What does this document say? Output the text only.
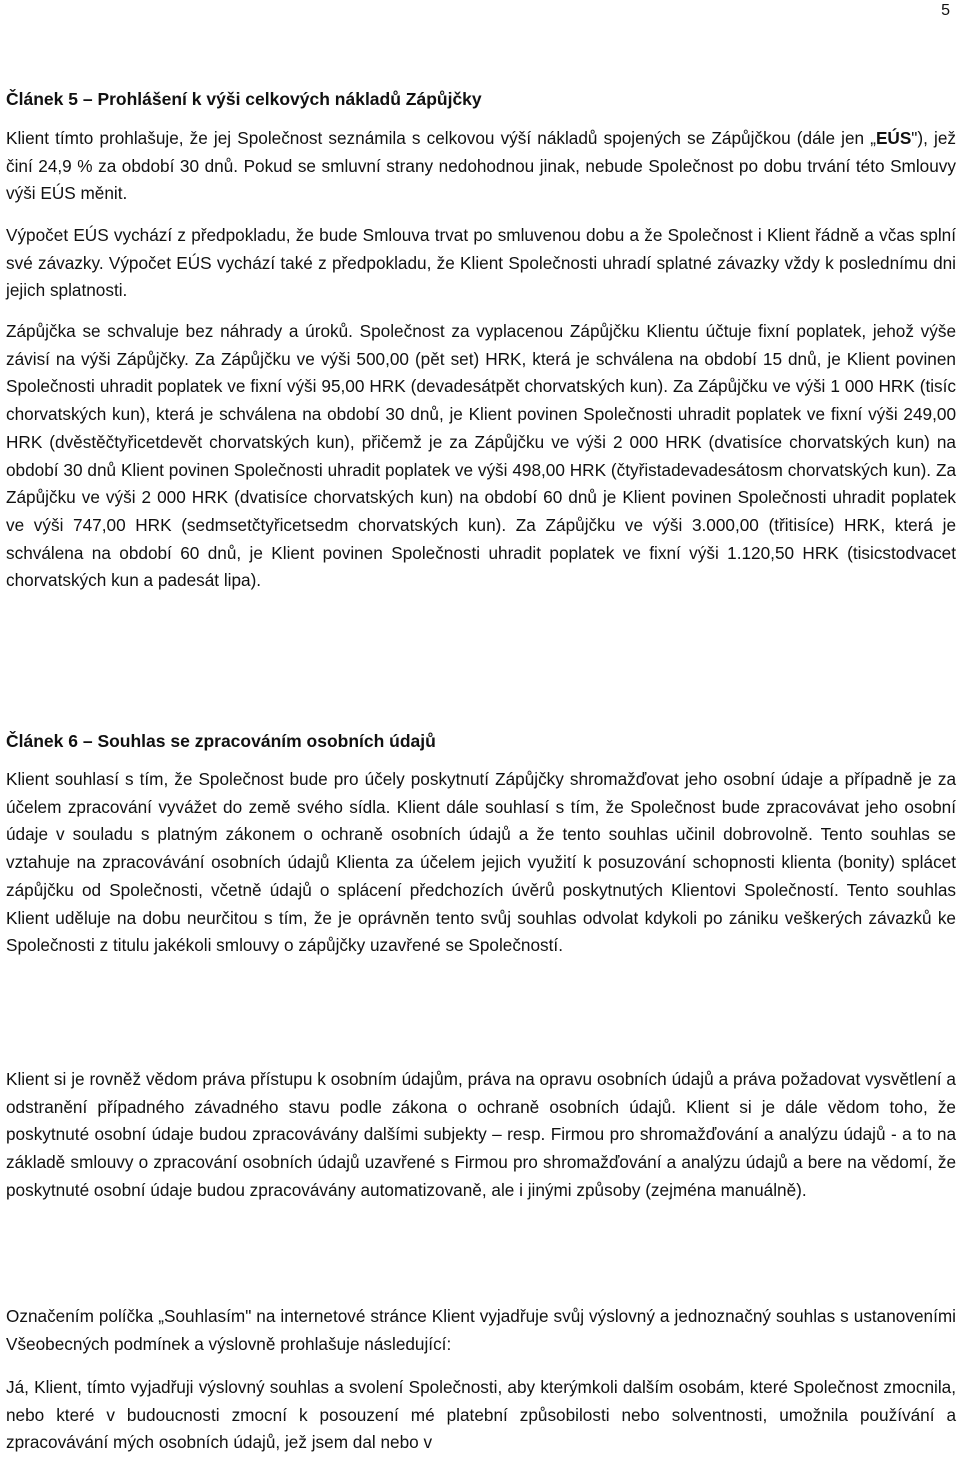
5
Článek 5 – Prohlášení k výši celkových nákladů Zápůjčky

Klient tímto prohlašuje, že jej Společnost seznámila s celkovou výší nákladů spojených se Zápůjčkou (dále jen „EÚS"), jež činí 24,9 % za období 30 dnů. Pokud se smluvní strany nedohodnou jinak, nebude Společnost po dobu trvání této Smlouvy výši EÚS měnit.

Výpočet EÚS vychází z předpokladu, že bude Smlouva trvat po smluvenou dobu a že Společnost i Klient řádně a včas splní své závazky. Výpočet EÚS vychází také z předpokladu, že Klient Společnosti uhradí splatné závazky vždy k poslednímu dni jejich splatnosti.

Zápůjčka se schvaluje bez náhrady a úroků. Společnost za vyplacenou Zápůjčku Klientu účtuje fixní poplatek, jehož výše závisí na výši Zápůjčky. Za Zápůjčku ve výši 500,00 (pět set) HRK, která je schválena na období 15 dnů, je Klient povinen Společnosti uhradit poplatek ve fixní výši 95,00 HRK (devadesátpět chorvatských kun). Za Zápůjčku ve výši 1 000 HRK (tisíc chorvatských kun), která je schválena na období 30 dnů, je Klient povinen Společnosti uhradit poplatek ve fixní výši 249,00 HRK (dvěstěčtyřicetdevět chorvatských kun), přičemž je za Zápůjčku ve výši 2 000 HRK (dvatisíce chorvatských kun) na období 30 dnů Klient povinen Společnosti uhradit poplatek ve výši 498,00 HRK (čtyřistadevadesátosm chorvatských kun). Za Zápůjčku ve výši 2 000 HRK (dvatisíce chorvatských kun) na období 60 dnů je Klient povinen Společnosti uhradit poplatek ve výši 747,00 HRK (sedmsetčtyřicetsedm chorvatských kun). Za Zápůjčku ve výši 3.000,00 (třitisíce) HRK, která je schválena na období 60 dnů, je Klient povinen Společnosti uhradit poplatek ve fixní výši 1.120,50 HRK (tisicstodvacet chorvatských kun a padesát lipa).

Článek 6 – Souhlas se zpracováním osobních údajů

Klient souhlasí s tím, že Společnost bude pro účely poskytnutí Zápůjčky shromažďovat jeho osobní údaje a případně je za účelem zpracování vyvážet do země svého sídla. Klient dále souhlasí s tím, že Společnost bude zpracovávat jeho osobní údaje v souladu s platným zákonem o ochraně osobních údajů a že tento souhlas učinil dobrovolně. Tento souhlas se vztahuje na zpracovávání osobních údajů Klienta za účelem jejich využití k posuzování schopnosti klienta (bonity) splácet zápůjčku od Společnosti, včetně údajů o splácení předchozích úvěrů poskytnutých Klientovi Společností. Tento souhlas Klient uděluje na dobu neurčitou s tím, že je oprávněn tento svůj souhlas odvolat kdykoli po zániku veškerých závazků ke Společnosti z titulu jakékoli smlouvy o zápůjčky uzavřené se Společností.

Klient si je rovněž vědom práva přístupu k osobním údajům, práva na opravu osobních údajů a práva požadovat vysvětlení a odstranění případného závadného stavu podle zákona o ochraně osobních údajů. Klient si je dále vědom toho, že poskytnuté osobní údaje budou zpracovávány dalšími subjekty – resp. Firmou pro shromažďování a analýzu údajů - a to na základě smlouvy o zpracování osobních údajů uzavřené s Firmou pro shromažďování a analýzu údajů a bere na vědomí, že poskytnuté osobní údaje budou zpracovávány automatizovaně, ale i jinými způsoby (zejména manuálně).

Označením políčka „Souhlasím" na internetové stránce Klient vyjadřuje svůj výslovný a jednoznačný souhlas s ustanoveními Všeobecných podmínek a výslovně prohlašuje následující:

Já, Klient, tímto vyjadřuji výslovný souhlas a svolení Společnosti, aby kterýmkoli dalším osobám, které Společnost zmocnila, nebo které v budoucnosti zmocní k posouzení mé platební způsobilosti nebo solventnosti, umožnila používání a zpracovávání mých osobních údajů, jež jsem dal nebo v
